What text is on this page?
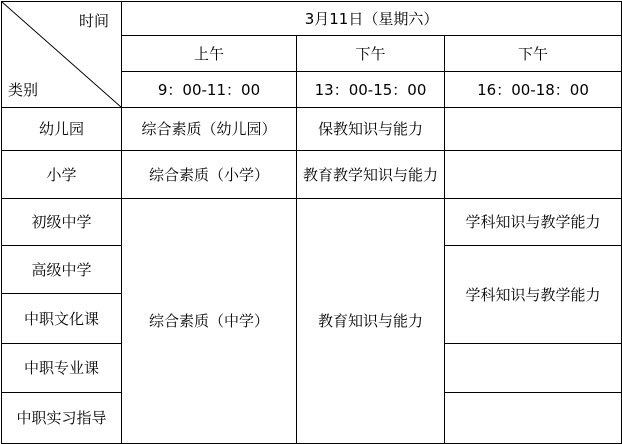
时间
类别	3月11日（星期六）		
	上午	下午	下午
	9：00-11：00	13：00-15：00	16：00-18：00
幼儿园	综合素质（幼儿园）	保教知识与能力	
小学	综合素质（小学）	教育教学知识与能力	
初级中学	综合素质（中学）	教育知识与能力	学科知识与教学能力
高级中学			学科知识与教学能力
中职文化课			
中职专业课			
中职实习指导			
